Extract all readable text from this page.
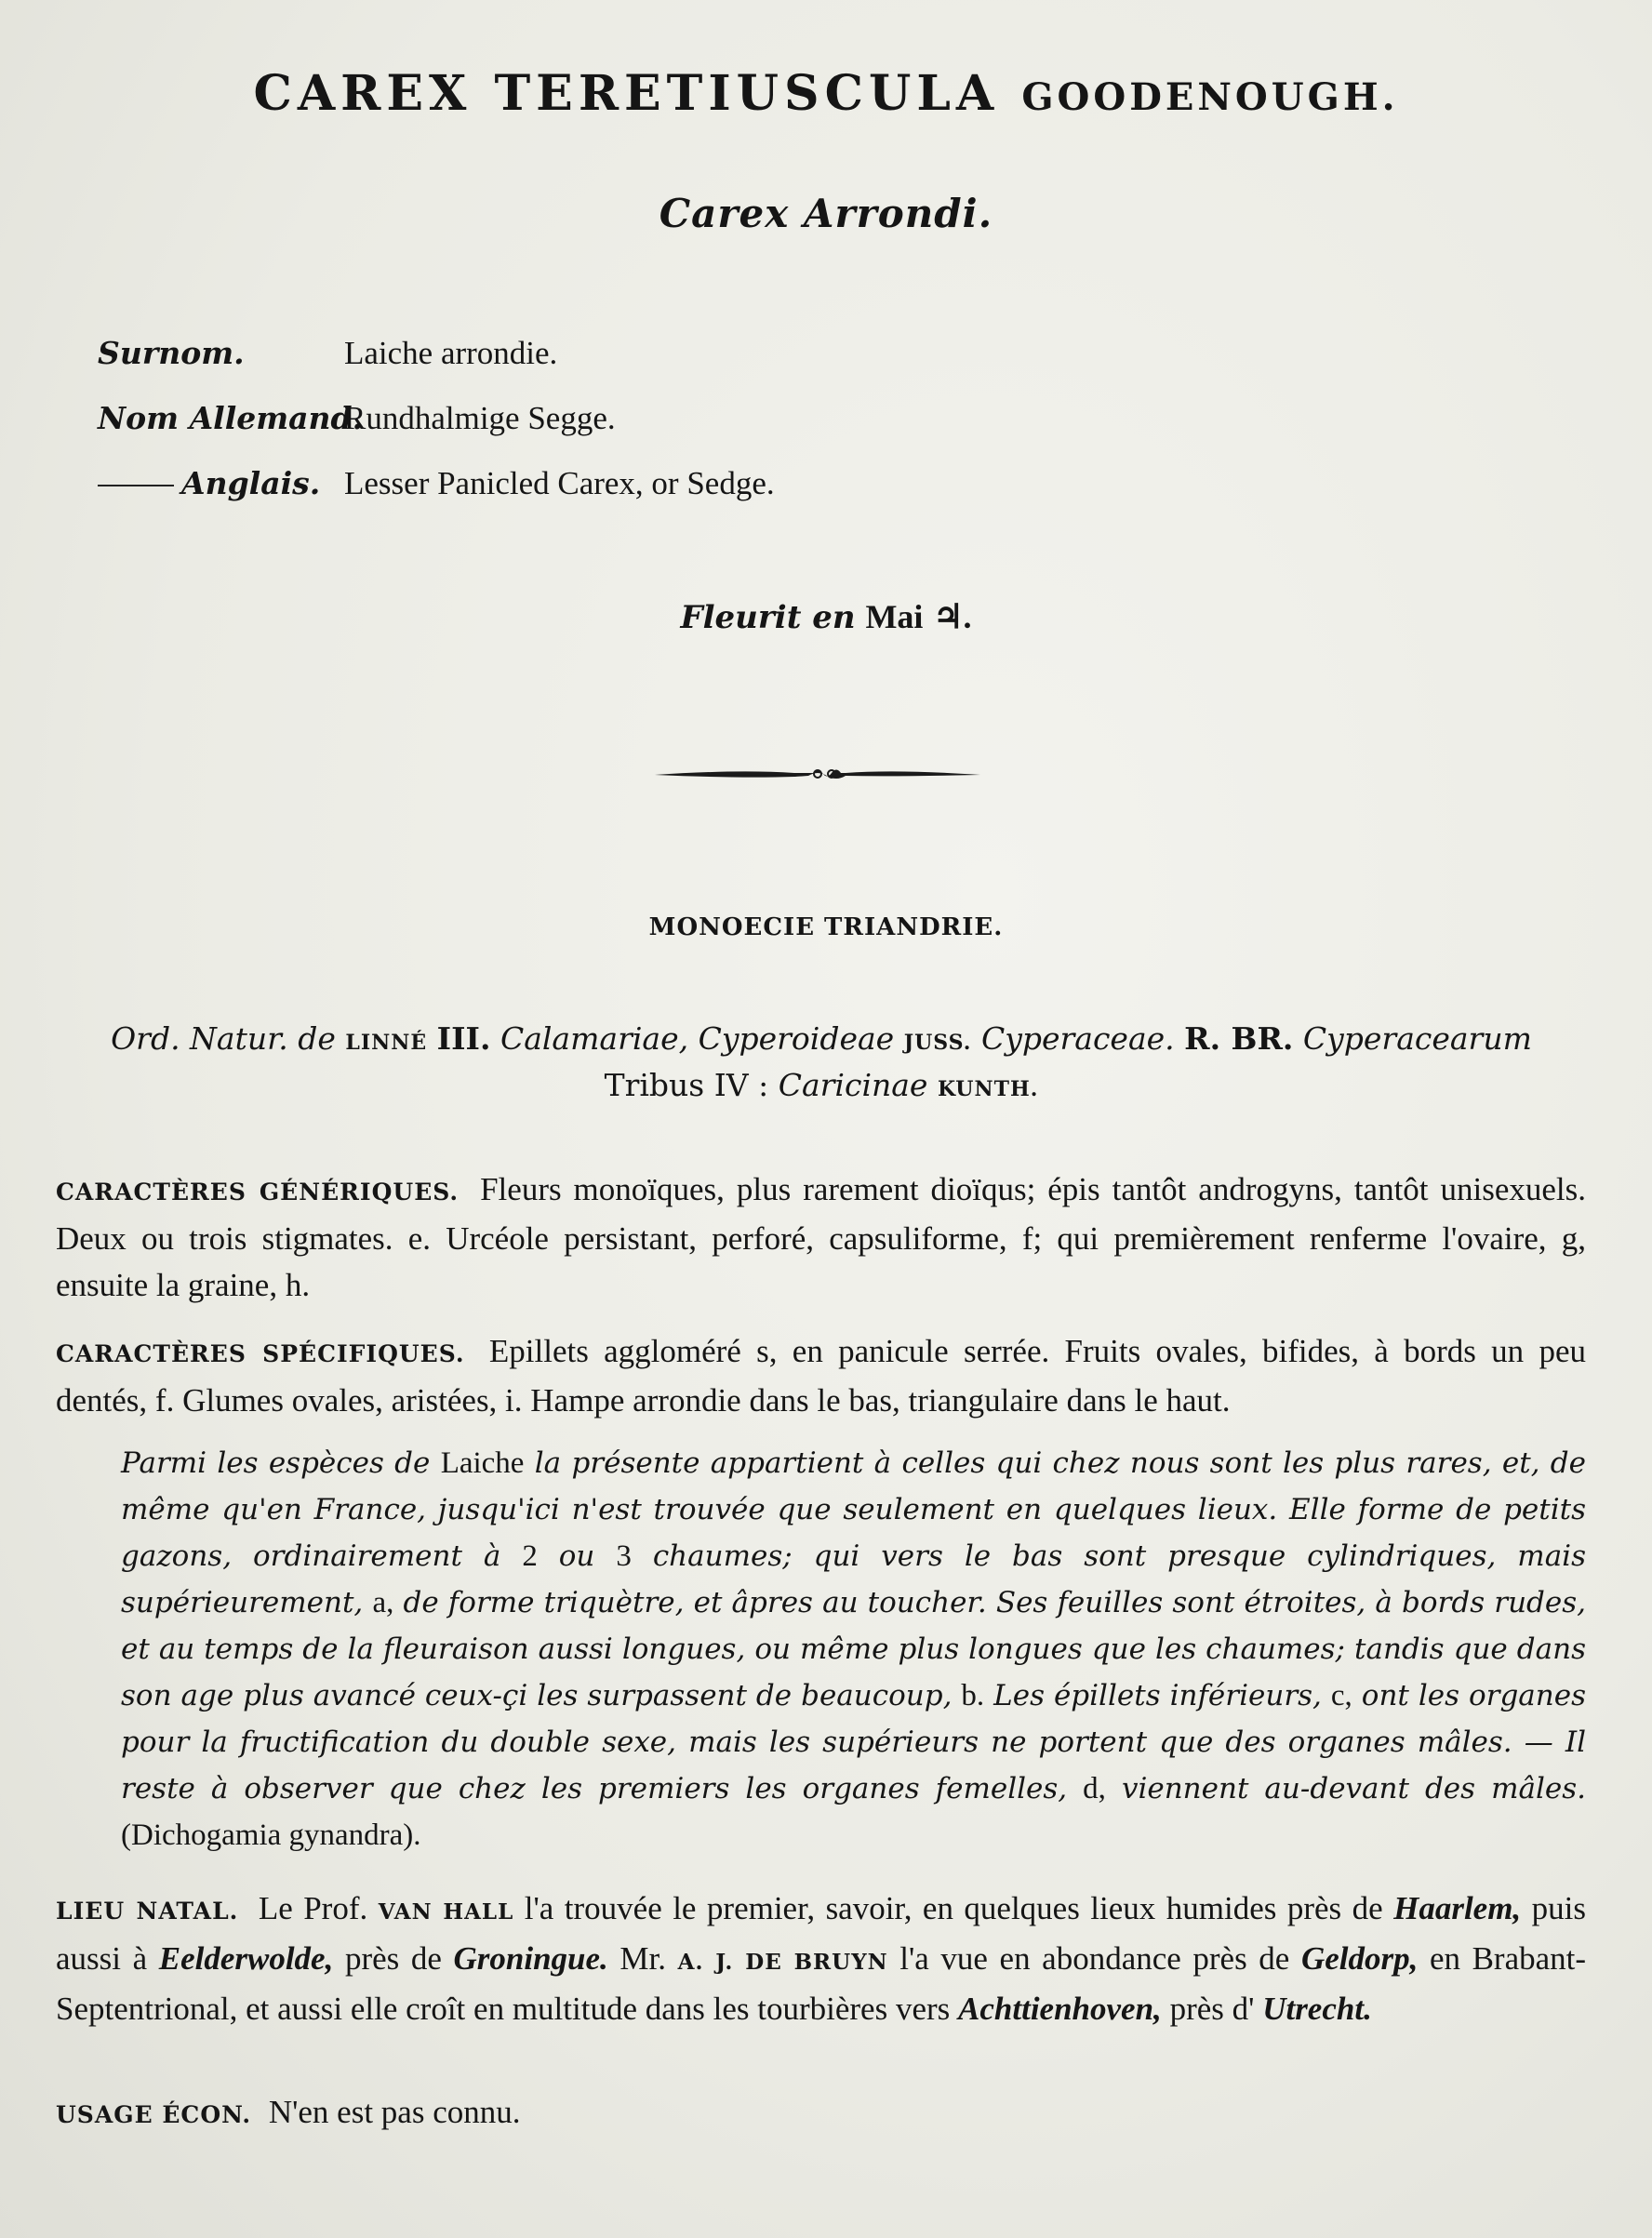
CAREX TERETIUSCULA GOODENOUGH.
Carex Arrondi.
Surnom.	Laiche arrondie.
Nom Allemand.
Rundhalmige Segge.
Anglais. Lesser Panicled Carex, or Sedge.
Fleurit en Mai ♃.
MONOECIE TRIANDRIE.
Ord. Natur. de LINNÉ III. Calamariae, Cyperoideae JUSS. Cyperaceae. R. BR. Cyperacearum
Tribus IV : Caricinae KUNTH.
CARACTÈRES GÉNÉRIQUES. Fleurs monoïques, plus rarement dioïqus; épis tantôt androgyns, tantôt unisexuels. Deux ou trois stigmates. e. Urcéole persistant, perforé, capsuliforme, f; qui premièrement renferme l'ovaire, g, ensuite la graine, h.
CARACTÈRES SPÉCIFIQUES. Epillets aggloméré s, en panicule serrée. Fruits ovales, bifides, à bords un peu dentés, f. Glumes ovales, aristées, i. Hampe arrondie dans le bas, triangulaire dans le haut.
Parmi les espèces de Laiche la présente appartient à celles qui chez nous sont les plus rares, et, de même qu'en France, jusqu'ici n'est trouvée que seulement en quelques lieux. Elle forme de petits gazons, ordinairement à 2 ou 3 chaumes; qui vers le bas sont presque cylindriques, mais supérieurement, a, de forme triquètre, et âpres au toucher. Ses feuilles sont étroites, à bords rudes, et au temps de la fleuraison aussi longues, ou même plus longues que les chaumes; tandis que dans son age plus avancé ceux-çi les surpassent de beaucoup, b. Les épillets inférieurs, c, ont les organes pour la fructification du double sexe, mais les supérieurs ne portent que des organes mâles. — Il reste à observer que chez les premiers les organes femelles, d, viennent au-devant des mâles. (Dichogamia gynandra).
LIEU NATAL. Le Prof. VAN HALL l'a trouvée le premier, savoir, en quelques lieux humides près de Haarlem, puis aussi à Eelderwolde, près de Groningue. Mr. A. J. DE BRUYN l'a vue en abondance près de Geldorp, en Brabant-Septentrional, et aussi elle croît en multitude dans les tourbières vers Achttienhoven, près d' Utrecht.
USAGE ÉCON. N'en est pas connu.
